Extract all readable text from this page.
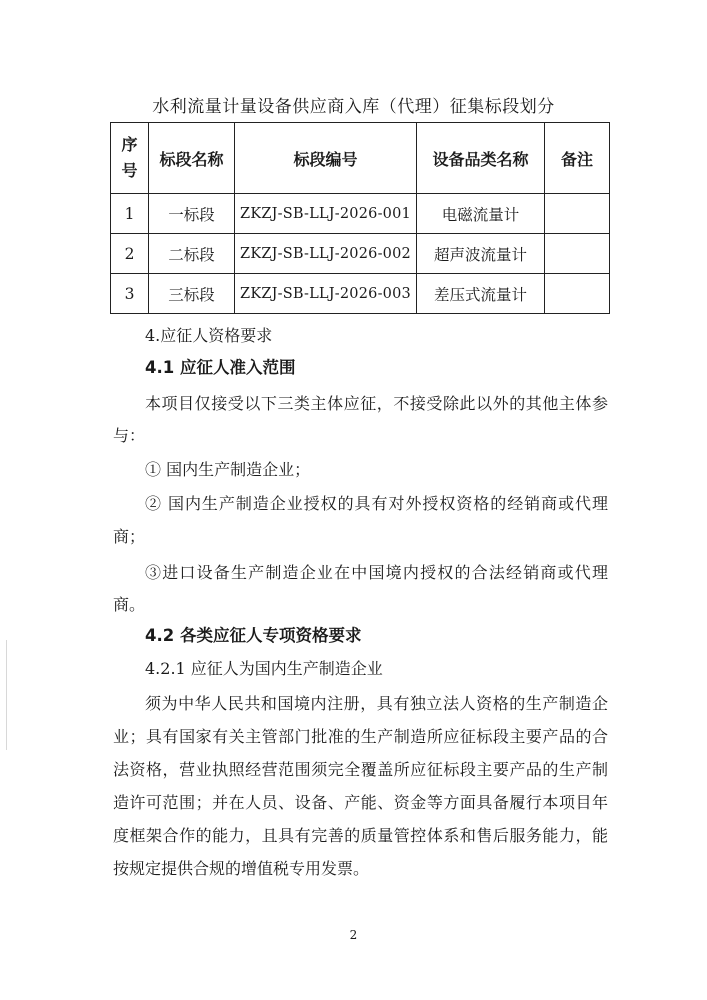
水利流量计量设备供应商入库（代理）征集标段划分
序
号	标段名称	标段编号	设备品类名称	备注
1	一标段	ZKZJ-SB-LLJ-2026-001	电磁流量计	
2	二标段	ZKZJ-SB-LLJ-2026-002	超声波流量计	
3	三标段	ZKZJ-SB-LLJ-2026-003	差压式流量计	
4.应征人资格要求
4.1 应征人准入范围
本项目仅接受以下三类主体应征，不接受除此以外的其他主体参
与：
① 国内生产制造企业；
② 国内生产制造企业授权的具有对外授权资格的经销商或代理
商；
③进口设备生产制造企业在中国境内授权的合法经销商或代理
商。
4.2 各类应征人专项资格要求
4.2.1 应征人为国内生产制造企业
须为中华人民共和国境内注册，具有独立法人资格的生产制造企
业；具有国家有关主管部门批准的生产制造所应征标段主要产品的合
法资格，营业执照经营范围须完全覆盖所应征标段主要产品的生产制
造许可范围；并在人员、设备、产能、资金等方面具备履行本项目年
度框架合作的能力，且具有完善的质量管控体系和售后服务能力，能
按规定提供合规的增值税专用发票。
2
